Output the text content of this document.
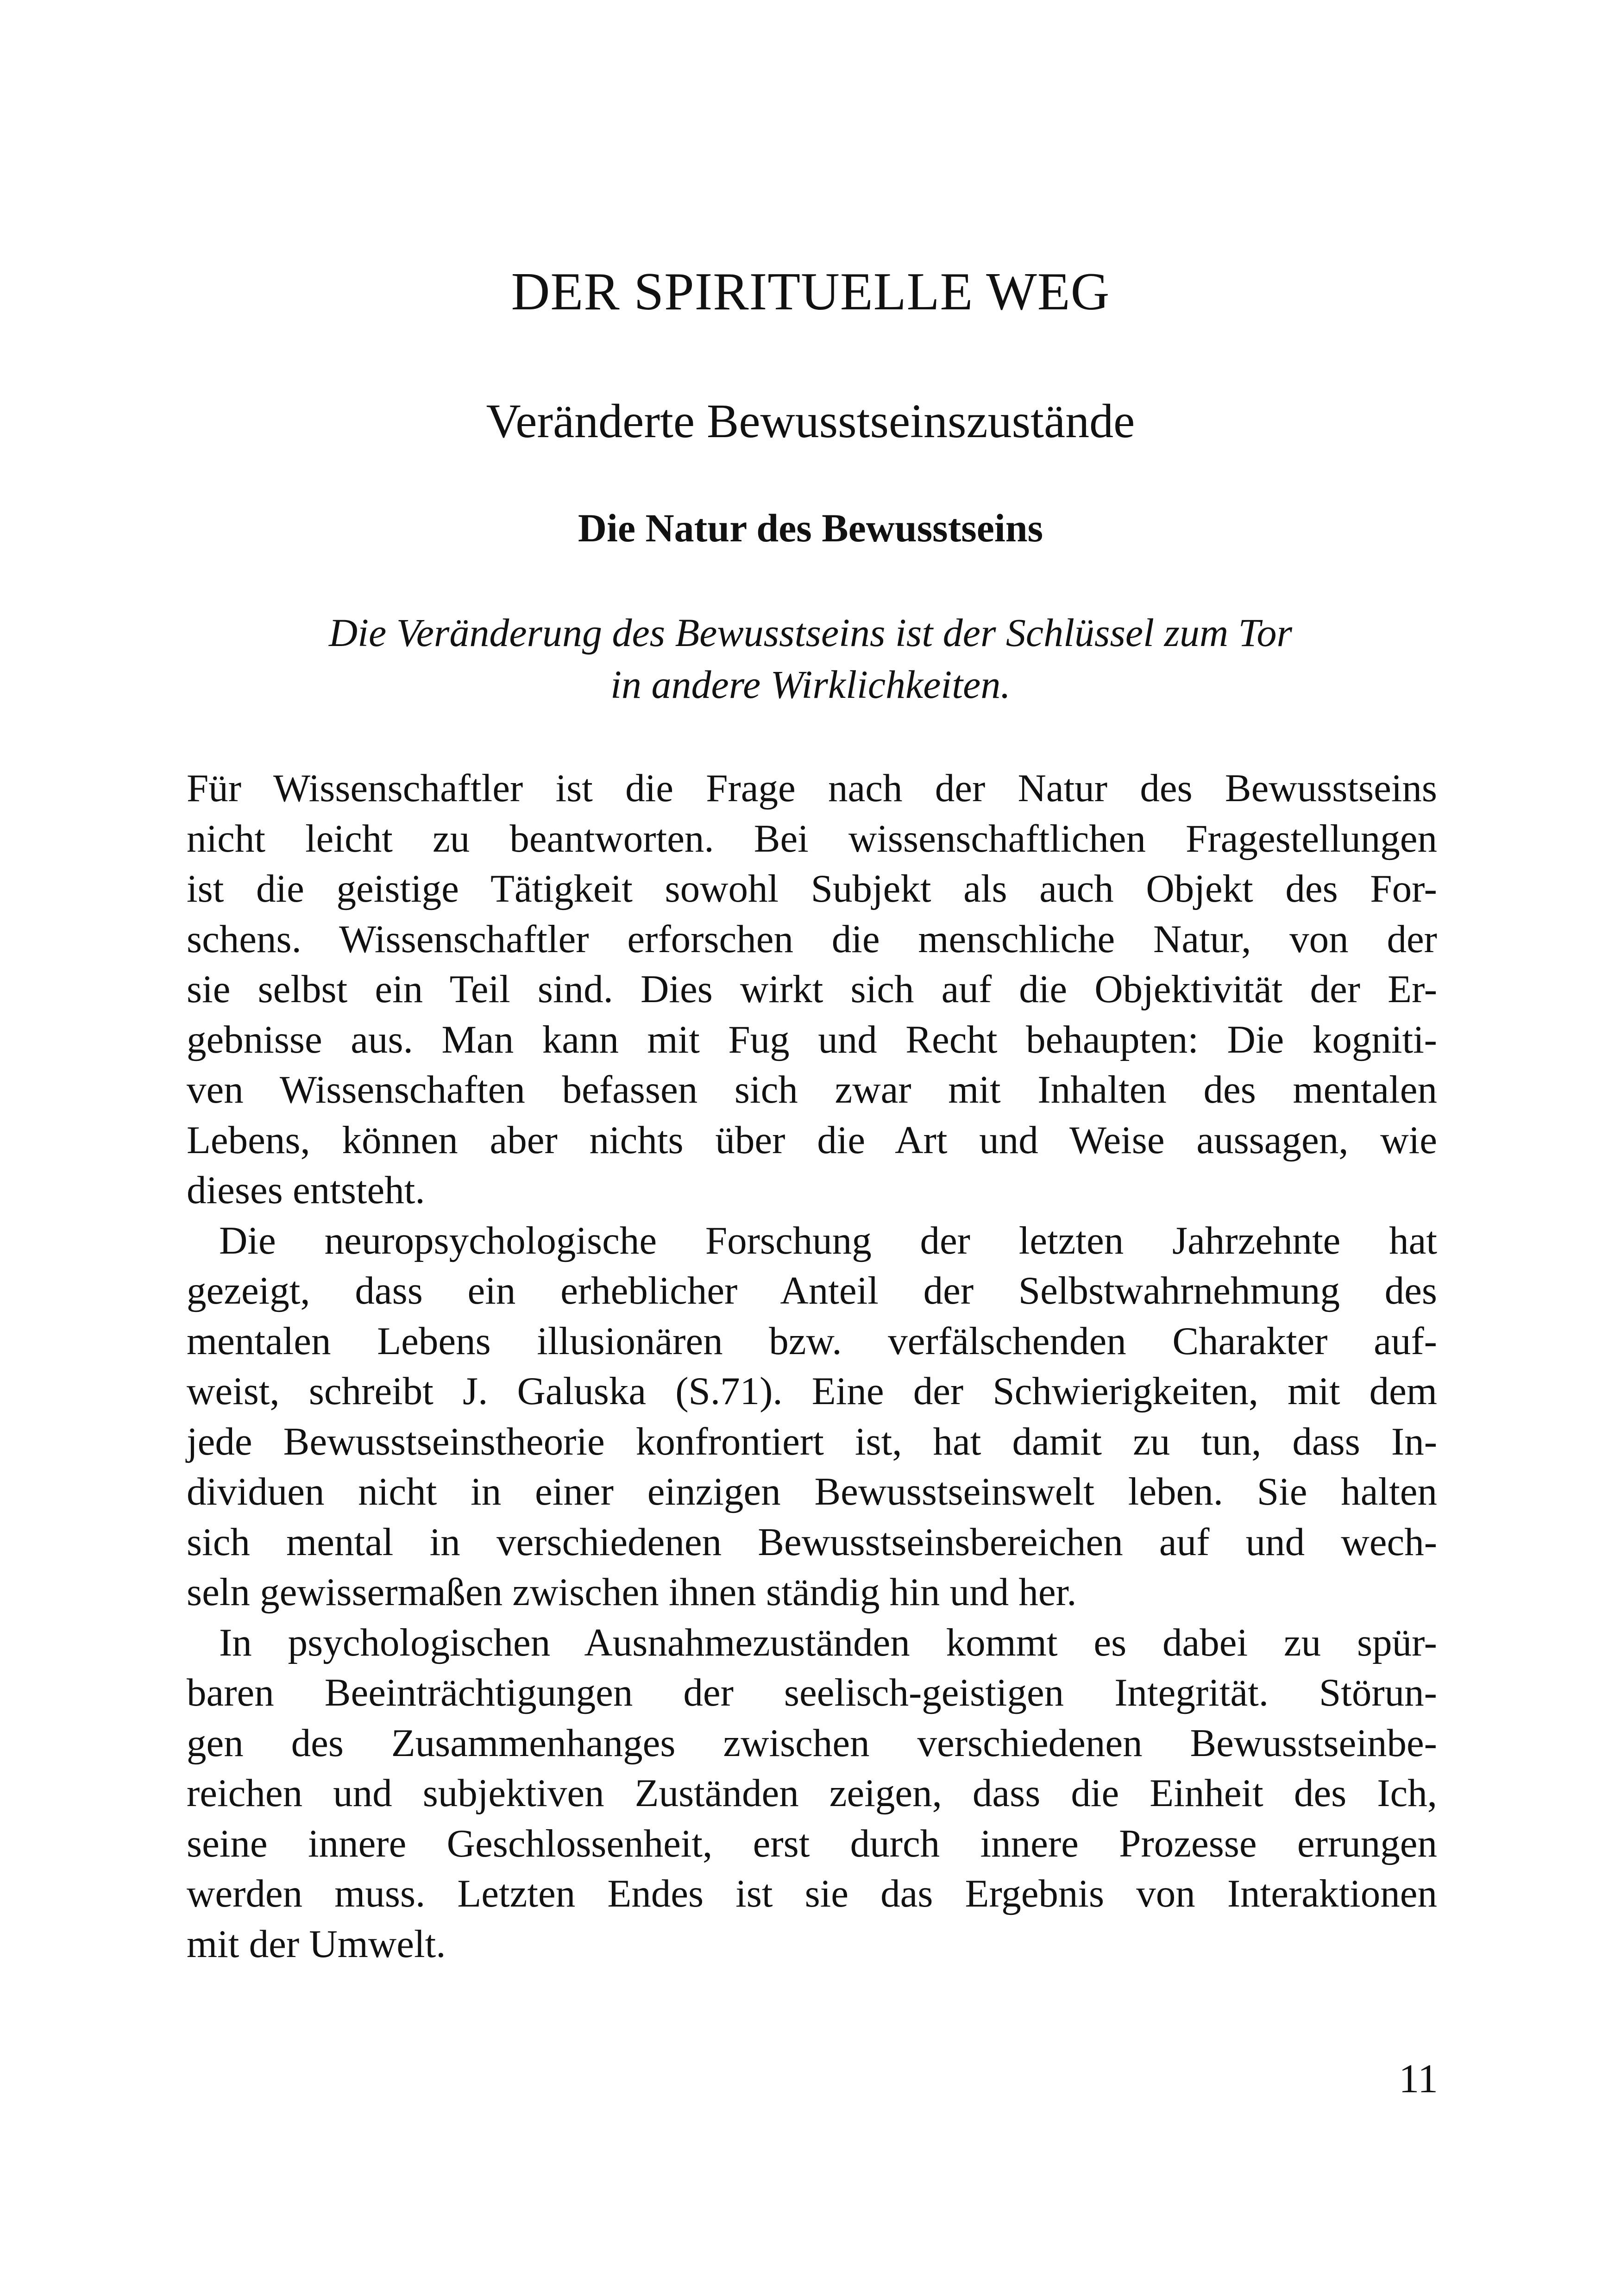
DER SPIRITUELLE WEG
Veränderte Bewusstseinszustände
Die Natur des Bewusstseins
Die Veränderung des Bewusstseins ist der Schlüssel zum Tor
in andere Wirklichkeiten.

Für Wissenschaftler ist die Frage nach der Natur des Bewusstseins
nicht leicht zu beantworten. Bei wissenschaftlichen Fragestellungen
ist die geistige Tätigkeit sowohl Subjekt als auch Objekt des For-
schens. Wissenschaftler erforschen die menschliche Natur, von der
sie selbst ein Teil sind. Dies wirkt sich auf die Objektivität der Er-
gebnisse aus. Man kann mit Fug und Recht behaupten: Die kogniti-
ven Wissenschaften befassen sich zwar mit Inhalten des mentalen
Lebens, können aber nichts über die Art und Weise aussagen, wie
dieses entsteht.

Die neuropsychologische Forschung der letzten Jahrzehnte hat
gezeigt, dass ein erheblicher Anteil der Selbstwahrnehmung des
mentalen Lebens illusionären bzw. verfälschenden Charakter auf-
weist, schreibt J. Galuska (S.71). Eine der Schwierigkeiten, mit dem
jede Bewusstseinstheorie konfrontiert ist, hat damit zu tun, dass In-
dividuen nicht in einer einzigen Bewusstseinswelt leben. Sie halten
sich mental in verschiedenen Bewusstseinsbereichen auf und wech-
seln gewissermaßen zwischen ihnen ständig hin und her.

In psychologischen Ausnahmezuständen kommt es dabei zu spür-
baren Beeinträchtigungen der seelisch-geistigen Integrität. Störun-
gen des Zusammenhanges zwischen verschiedenen Bewusstseinbe-
reichen und subjektiven Zuständen zeigen, dass die Einheit des Ich,
seine innere Geschlossenheit, erst durch innere Prozesse errungen
werden muss. Letzten Endes ist sie das Ergebnis von Interaktionen
mit der Umwelt.

11
